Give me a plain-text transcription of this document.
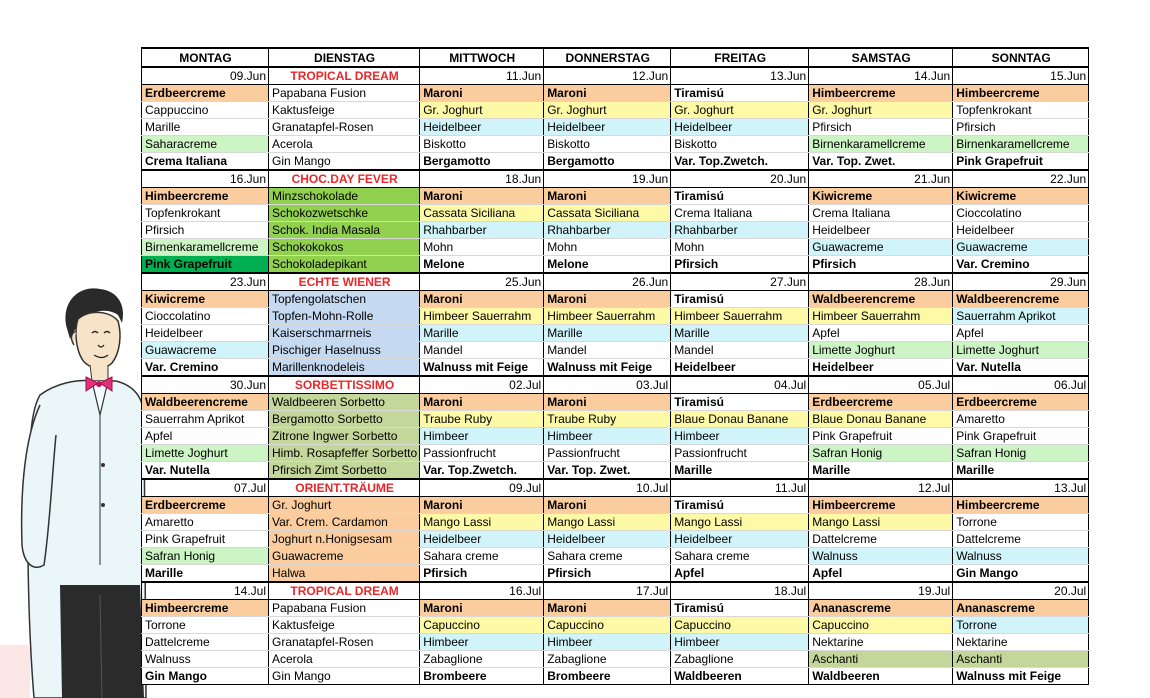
MONTAG	DIENSTAG	MITTWOCH	DONNERSTAG	FREITAG	SAMSTAG	SONNTAG
09.Jun	TROPICAL DREAM	11.Jun	12.Jun	13.Jun	14.Jun	15.Jun
Erdbeercreme	Papabana Fusion	Maroni	Maroni	Tiramisú	Himbeercreme	Himbeercreme
Cappuccino	Kaktusfeige	Gr. Joghurt	Gr. Joghurt	Gr. Joghurt	Gr. Joghurt	Topfenkrokant
Marille	Granatapfel-Rosen	Heidelbeer	Heidelbeer	Heidelbeer	Pfirsich	Pfirsich
Saharacreme	Acerola	Biskotto	Biskotto	Biskotto	Birnenkaramellcreme	Birnenkaramellcreme
Crema Italiana	Gin Mango	Bergamotto	Bergamotto	Var. Top.Zwetch.	Var. Top. Zwet.	Pink Grapefruit
16.Jun	CHOC.DAY FEVER	18.Jun	19.Jun	20.Jun	21.Jun	22.Jun
Himbeercreme	Minzschokolade	Maroni	Maroni	Tiramisú	Kiwicreme	Kiwicreme
Topfenkrokant	Schokozwetschke	Cassata Siciliana	Cassata Siciliana	Crema Italiana	Crema Italiana	Cioccolatino
Pfirsich	Schok. India Masala	Rhahbarber	Rhahbarber	Rhahbarber	Heidelbeer	Heidelbeer
Birnenkaramellcreme	Schokokokos	Mohn	Mohn	Mohn	Guawacreme	Guawacreme
Pink Grapefruit	Schokoladepikant	Melone	Melone	Pfirsich	Pfirsich	Var. Cremino
23.Jun	ECHTE WIENER	25.Jun	26.Jun	27.Jun	28.Jun	29.Jun
Kiwicreme	Topfengolatschen	Maroni	Maroni	Tiramisú	Waldbeerencreme	Waldbeerencreme
Cioccolatino	Topfen-Mohn-Rolle	Himbeer Sauerrahm	Himbeer Sauerrahm	Himbeer Sauerrahm	Himbeer Sauerrahm	Sauerrahm Aprikot
Heidelbeer	Kaiserschmarrneis	Marille	Marille	Marille	Apfel	Apfel
Guawacreme	Pischiger Haselnuss	Mandel	Mandel	Mandel	Limette Joghurt	Limette Joghurt
Var. Cremino	Marillenknodeleis	Walnuss mit Feige	Walnuss mit Feige	Heidelbeer	Heidelbeer	Var. Nutella
30.Jun	SORBETTISSIMO	02.Jul	03.Jul	04.Jul	05.Jul	06.Jul
Waldbeerencreme	Waldbeeren Sorbetto	Maroni	Maroni	Tiramisú	Erdbeercreme	Erdbeercreme
Sauerrahm Aprikot	Bergamotto Sorbetto	Traube Ruby	Traube Ruby	Blaue Donau Banane	Blaue Donau Banane	Amaretto
Apfel	Zitrone Ingwer Sorbetto	Himbeer	Himbeer	Himbeer	Pink Grapefruit	Pink Grapefruit
Limette Joghurt	Himb. Rosapfeffer Sorbetto	Passionfrucht	Passionfrucht	Passionfrucht	Safran Honig	Safran Honig
Var. Nutella	Pfirsich Zimt Sorbetto	Var. Top.Zwetch.	Var. Top. Zwet.	Marille	Marille	Marille
07.Jul	ORIENT.TRÄUME	09.Jul	10.Jul	11.Jul	12.Jul	13.Jul
Erdbeercreme	Gr. Joghurt	Maroni	Maroni	Tiramisú	Himbeercreme	Himbeercreme
Amaretto	Var. Crem. Cardamon	Mango Lassi	Mango Lassi	Mango Lassi	Mango Lassi	Torrone
Pink Grapefruit	Joghurt n.Honigsesam	Heidelbeer	Heidelbeer	Heidelbeer	Dattelcreme	Dattelcreme
Safran Honig	Guawacreme	Sahara creme	Sahara creme	Sahara creme	Walnuss	Walnuss
Marille	Halwa	Pfirsich	Pfirsich	Apfel	Apfel	Gin Mango
14.Jul	TROPICAL DREAM	16.Jul	17.Jul	18.Jul	19.Jul	20.Jul
Himbeercreme	Papabana Fusion	Maroni	Maroni	Tiramisú	Ananascreme	Ananascreme
Torrone	Kaktusfeige	Capuccino	Capuccino	Capuccino	Capuccino	Torrone
Dattelcreme	Granatapfel-Rosen	Himbeer	Himbeer	Himbeer	Nektarine	Nektarine
Walnuss	Acerola	Zabaglione	Zabaglione	Zabaglione	Aschanti	Aschanti
Gin Mango	Gin Mango	Brombeere	Brombeere	Waldbeeren	Waldbeeren	Walnuss mit Feige
